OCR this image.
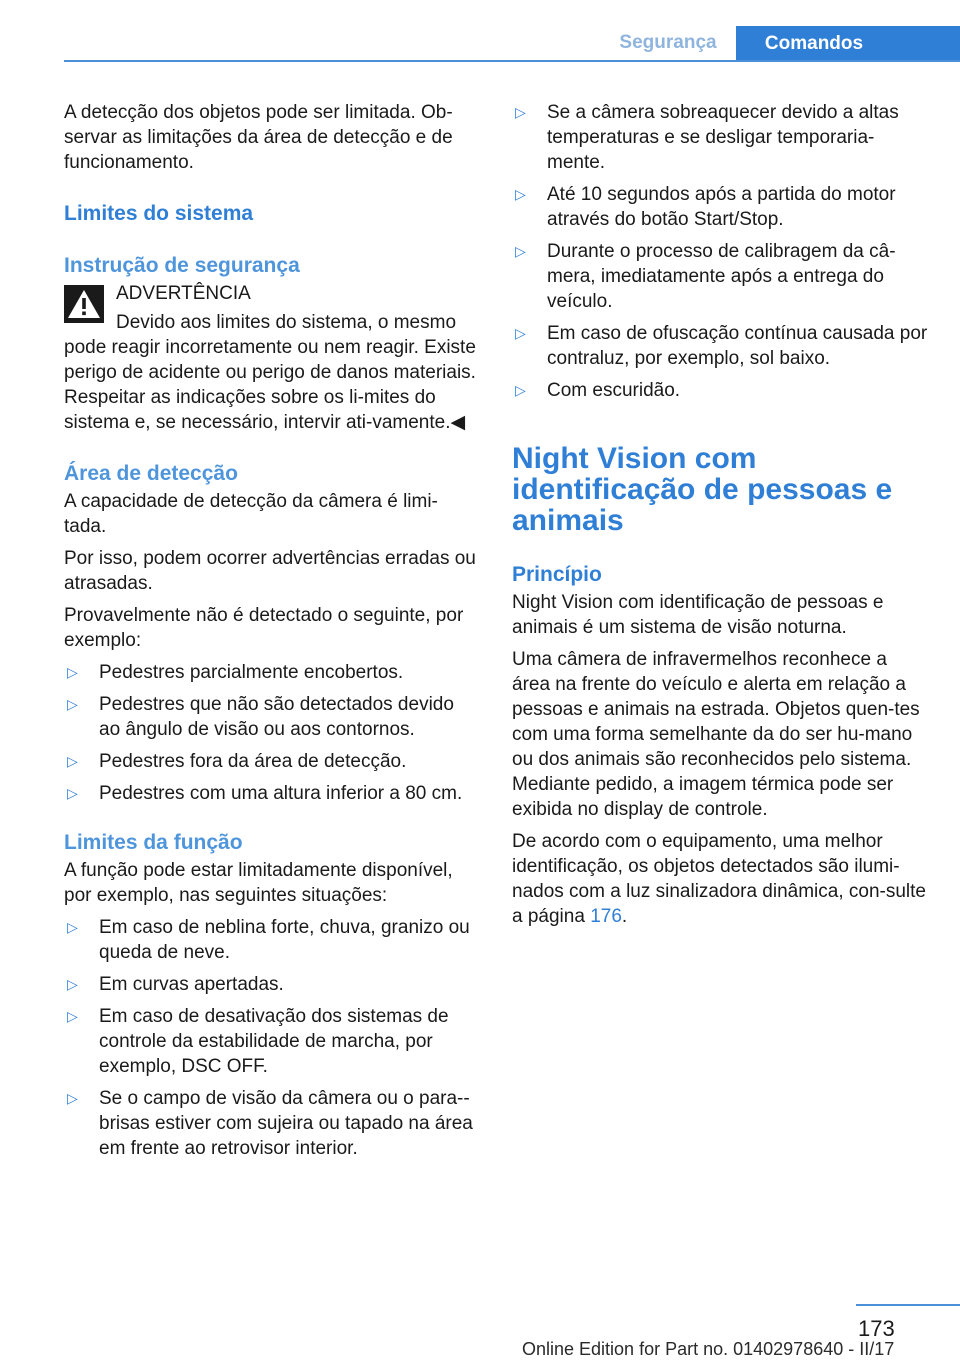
Segurança	Comandos

A detecção dos objetos pode ser limitada. Ob‐servar as limitações da área de detecção e de funcionamento.

Limites do sistema
Instrução de segurança

ADVERTÊNCIA

Devido aos limites do sistema, o mesmo

pode reagir incorretamente ou nem reagir. Existe perigo de acidente ou perigo de danos materiais. Respeitar as indicações sobre os li‐mites do sistema e, se necessário, intervir ati‐vamente.◀

Área de detecção

A capacidade de detecção da câmera é limi‐tada.

Por isso, podem ocorrer advertências erradas ou atrasadas.

Provavelmente não é detectado o seguinte, por exemplo:

▷ Pedestres parcialmente encobertos.
▷ Pedestres que não são detectados devido ao ângulo de visão ou aos contornos.
▷ Pedestres fora da área de detecção.
▷ Pedestres com uma altura inferior a 80 cm.
Limites da função

A função pode estar limitadamente disponível, por exemplo, nas seguintes situações:

▷ Em caso de neblina forte, chuva, granizo ou queda de neve.
▷ Em curvas apertadas.
▷ Em caso de desativação dos sistemas de controle da estabilidade de marcha, por exemplo, DSC OFF.
▷ Se o campo de visão da câmera ou o para‐-brisas estiver com sujeira ou tapado na área em frente ao retrovisor interior.
▷ Se a câmera sobreaquecer devido a altas temperaturas e se desligar temporaria‐mente.
▷ Até 10 segundos após a partida do motor através do botão Start/Stop.
▷ Durante o processo de calibragem da câ‐mera, imediatamente após a entrega do veículo.
▷ Em caso de ofuscação contínua causada por contraluz, por exemplo, sol baixo.
▷ Com escuridão.
Night Vision com identificação de pessoas e animais
Princípio

Night Vision com identificação de pessoas e animais é um sistema de visão noturna.

Uma câmera de infravermelhos reconhece a área na frente do veículo e alerta em relação a pessoas e animais na estrada. Objetos quen‐tes com uma forma semelhante da do ser hu‐mano ou dos animais são reconhecidos pelo sistema. Mediante pedido, a imagem térmica pode ser exibida no display de controle.

De acordo com o equipamento, uma melhor identificação, os objetos detectados são ilumi‐nados com a luz sinalizadora dinâmica, con‐sulte a página 176.

173
Online Edition for Part no. 01402978640 - II/17
